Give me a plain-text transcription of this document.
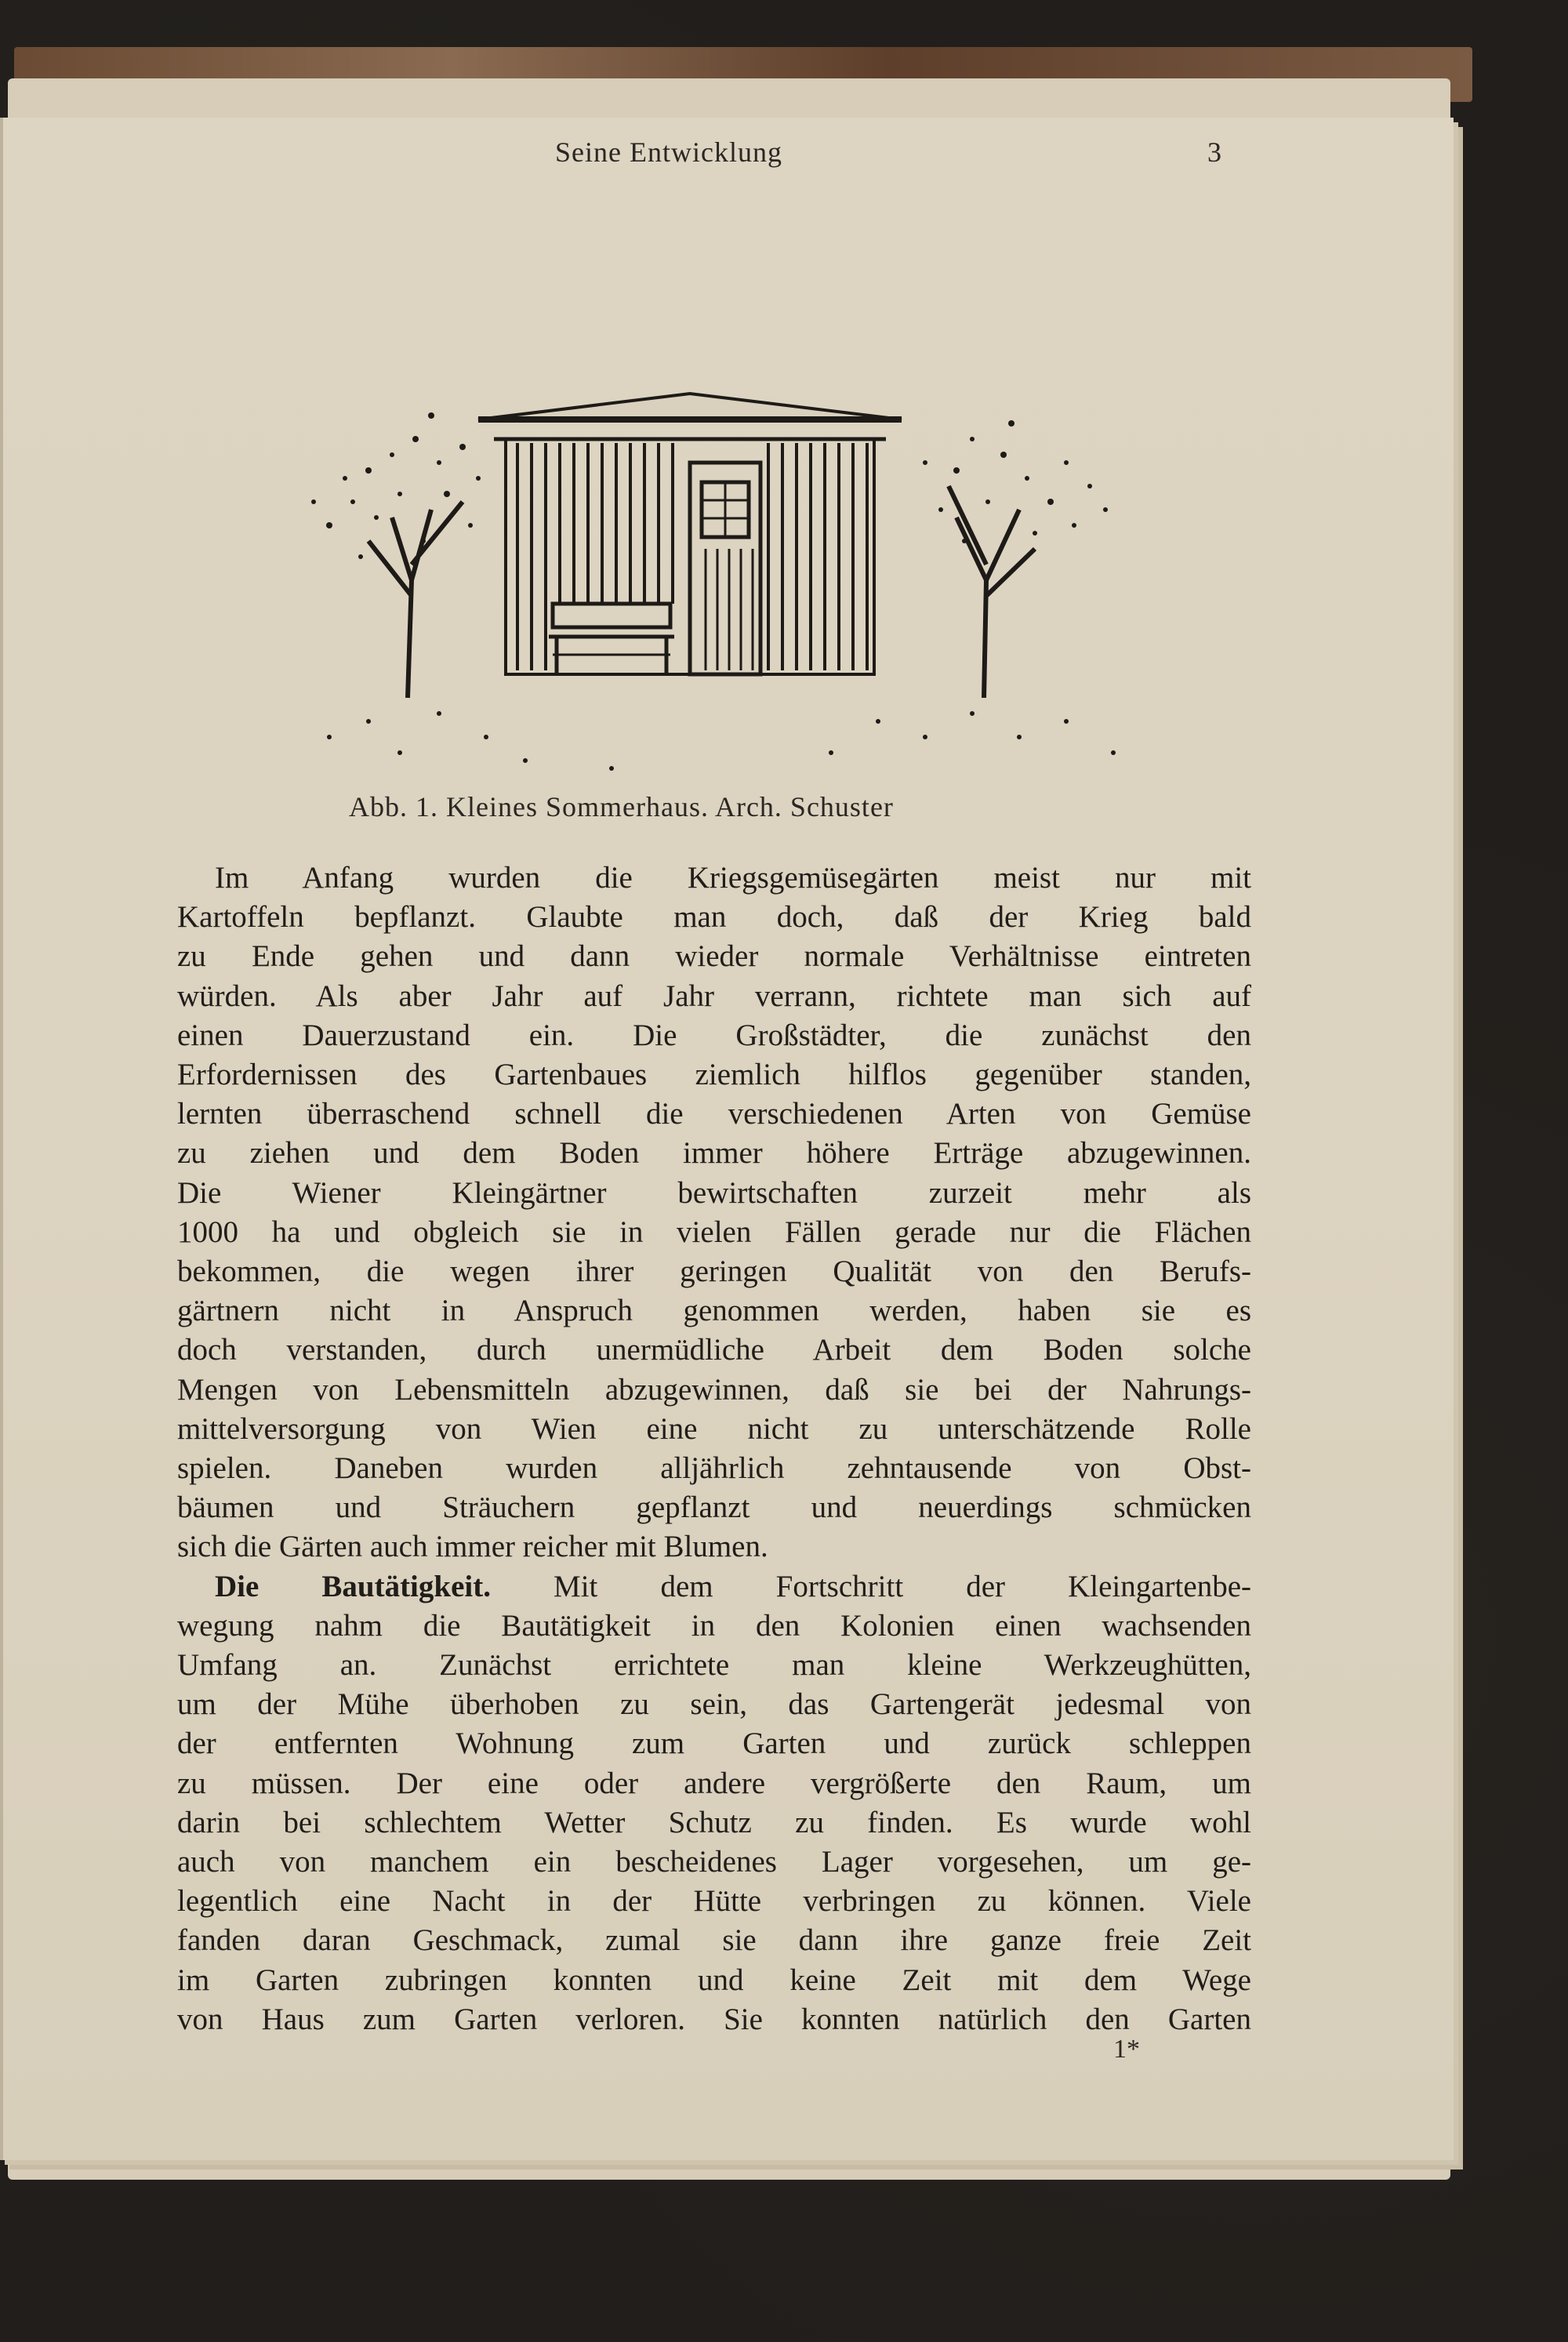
Seine Entwicklung	3
Abb. 1. Kleines Sommerhaus. Arch. Schuster
Im Anfang wurden die Kriegsgemüsegärten meist nur mit
Kartoffeln bepflanzt. Glaubte man doch, daß der Krieg bald
zu Ende gehen und dann wieder normale Verhältnisse eintreten
würden. Als aber Jahr auf Jahr verrann, richtete man sich auf
einen Dauerzustand ein. Die Großstädter, die zunächst den
Erfordernissen des Gartenbaues ziemlich hilflos gegenüber standen,
lernten überraschend schnell die verschiedenen Arten von Gemüse
zu ziehen und dem Boden immer höhere Erträge abzugewinnen.
Die Wiener Kleingärtner bewirtschaften zurzeit mehr als
1000 ha und obgleich sie in vielen Fällen gerade nur die Flächen
bekommen, die wegen ihrer geringen Qualität von den Berufs-
gärtnern nicht in Anspruch genommen werden, haben sie es
doch verstanden, durch unermüdliche Arbeit dem Boden solche
Mengen von Lebensmitteln abzugewinnen, daß sie bei der Nahrungs-
mittelversorgung von Wien eine nicht zu unterschätzende Rolle
spielen. Daneben wurden alljährlich zehntausende von Obst-
bäumen und Sträuchern gepflanzt und neuerdings schmücken
sich die Gärten auch immer reicher mit Blumen.
Die Bautätigkeit. Mit dem Fortschritt der Kleingartenbe-
wegung nahm die Bautätigkeit in den Kolonien einen wachsenden
Umfang an. Zunächst errichtete man kleine Werkzeughütten,
um der Mühe überhoben zu sein, das Gartengerät jedesmal von
der entfernten Wohnung zum Garten und zurück schleppen
zu müssen. Der eine oder andere vergrößerte den Raum, um
darin bei schlechtem Wetter Schutz zu finden. Es wurde wohl
auch von manchem ein bescheidenes Lager vorgesehen, um ge-
legentlich eine Nacht in der Hütte verbringen zu können. Viele
fanden daran Geschmack, zumal sie dann ihre ganze freie Zeit
im Garten zubringen konnten und keine Zeit mit dem Wege
von Haus zum Garten verloren. Sie konnten natürlich den Garten
1*
